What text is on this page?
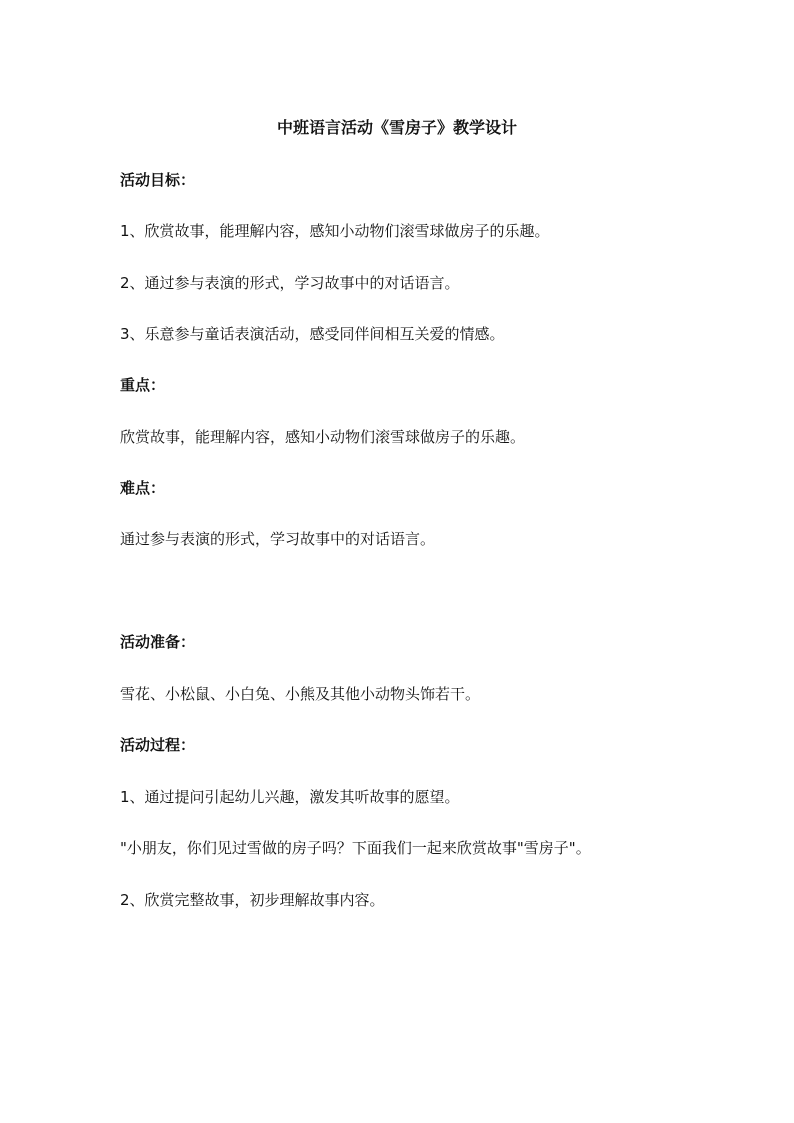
中班语言活动《雪房子》教学设计

活动目标：

1、欣赏故事，能理解内容，感知小动物们滚雪球做房子的乐趣。

2、通过参与表演的形式，学习故事中的对话语言。

3、乐意参与童话表演活动，感受同伴间相互关爱的情感。

重点：

欣赏故事，能理解内容，感知小动物们滚雪球做房子的乐趣。

难点：

通过参与表演的形式，学习故事中的对话语言。

活动准备：

雪花、小松鼠、小白兔、小熊及其他小动物头饰若干。

活动过程：

1、通过提问引起幼儿兴趣，激发其听故事的愿望。

"小朋友，你们见过雪做的房子吗？下面我们一起来欣赏故事"雪房子"。

2、欣赏完整故事，初步理解故事内容。
